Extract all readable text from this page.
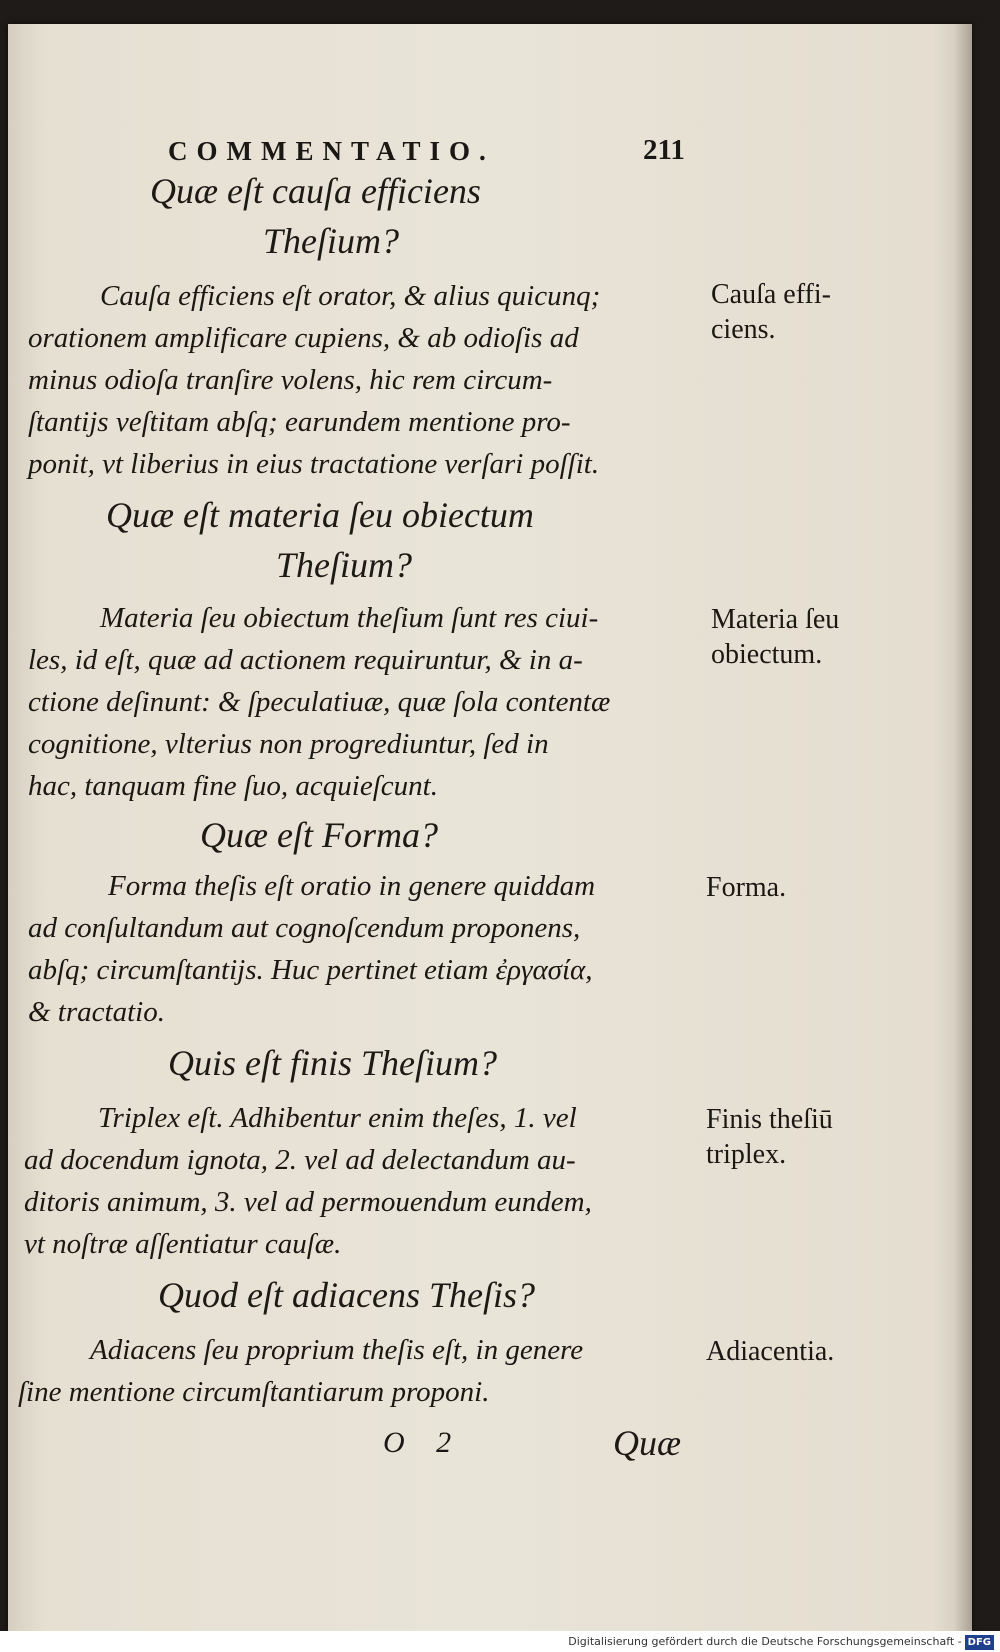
COMMENTATIO.	211
Quæ eſt cauſa efficiens
Theſium?
Cauſa efficiens eſt orator, & alius quicunq;
orationem amplificare cupiens, & ab odioſis ad
minus odioſa tranſire volens, hic rem circum-
ſtantijs veſtitam abſq; earundem mentione pro-
ponit, vt liberius in eius tractatione verſari poſſit.
Cauſa effi-
ciens.
Quæ eſt materia ſeu obiectum
Theſium?
Materia ſeu obiectum theſium ſunt res ciui-
les, id eſt, quæ ad actionem requiruntur, & in a-
ctione deſinunt: & ſpeculatiuæ, quæ ſola contentæ
cognitione, vlterius non progrediuntur, ſed in
hac, tanquam fine ſuo, acquieſcunt.
Materia ſeu
obiectum.
Quæ eſt Forma?
Forma theſis eſt oratio in genere quiddam
ad conſultandum aut cognoſcendum proponens,
abſq; circumſtantijs. Huc pertinet etiam ἐργασία,
& tractatio.
Forma.
Quis eſt finis Theſium?
Triplex eſt. Adhibentur enim theſes, 1. vel
ad docendum ignota, 2. vel ad delectandum au-
ditoris animum, 3. vel ad permouendum eundem,
vt noſtræ aſſentiatur cauſæ.
Finis theſiū
triplex.
Quod eſt adiacens Theſis?
Adiacens ſeu proprium theſis eſt, in genere
ſine mentione circumſtantiarum proponi.
Adiacentia.
O 2	Quæ
Digitalisierung gefördert durch die Deutsche Forschungsgemeinschaft - DFG
